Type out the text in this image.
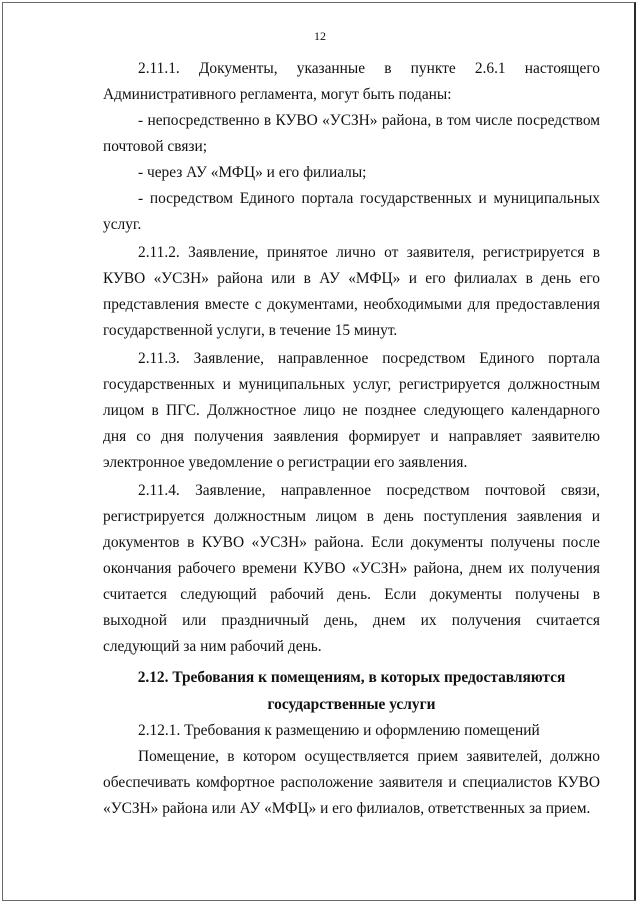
12

2.11.1. Документы, указанные в пункте 2.6.1 настоящего Административного регламента, могут быть поданы:

- непосредственно в КУВО «УСЗН» района, в том числе посредством почтовой связи;

- через АУ «МФЦ» и его филиалы;

- посредством Единого портала государственных и муниципальных услуг.

2.11.2. Заявление, принятое лично от заявителя, регистрируется в КУВО «УСЗН» района или в АУ «МФЦ» и его филиалах в день его представления вместе с документами, необходимыми для предоставления государственной услуги, в течение 15 минут.

2.11.3. Заявление, направленное посредством Единого портала государственных и муниципальных услуг, регистрируется должностным лицом в ПГС. Должностное лицо не позднее следующего календарного дня со дня получения заявления формирует и направляет заявителю электронное уведомление о регистрации его заявления.

2.11.4. Заявление, направленное посредством почтовой связи, регистрируется должностным лицом в день поступления заявления и документов в КУВО «УСЗН» района. Если документы получены после окончания рабочего времени КУВО «УСЗН» района, днем их получения считается следующий рабочий день. Если документы получены в выходной или праздничный день, днем их получения считается следующий за ним рабочий день.

2.12. Требования к помещениям, в которых предоставляются
государственные услуги

2.12.1. Требования к размещению и оформлению помещений

Помещение, в котором осуществляется прием заявителей, должно обеспечивать комфортное расположение заявителя и специалистов КУВО «УСЗН» района или АУ «МФЦ» и его филиалов, ответственных за прием.
